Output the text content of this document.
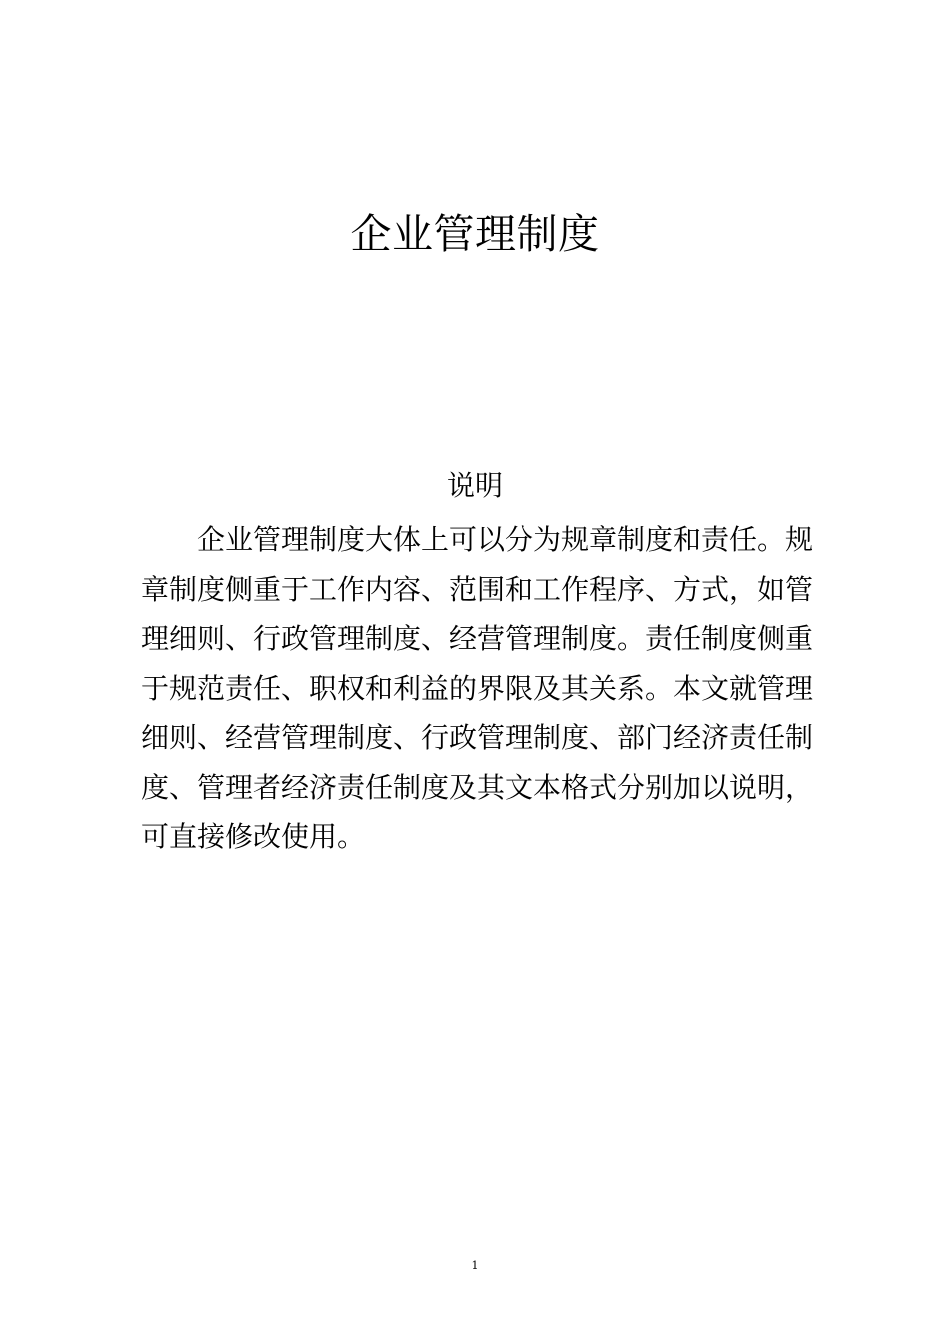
企业管理制度
说明
企业管理制度大体上可以分为规章制度和责任。规章制度侧重于工作内容、范围和工作程序、方式，如管理细则、行政管理制度、经营管理制度。责任制度侧重于规范责任、职权和利益的界限及其关系。本文就管理细则、经营管理制度、行政管理制度、部门经济责任制度、管理者经济责任制度及其文本格式分别加以说明，可直接修改使用。
1
